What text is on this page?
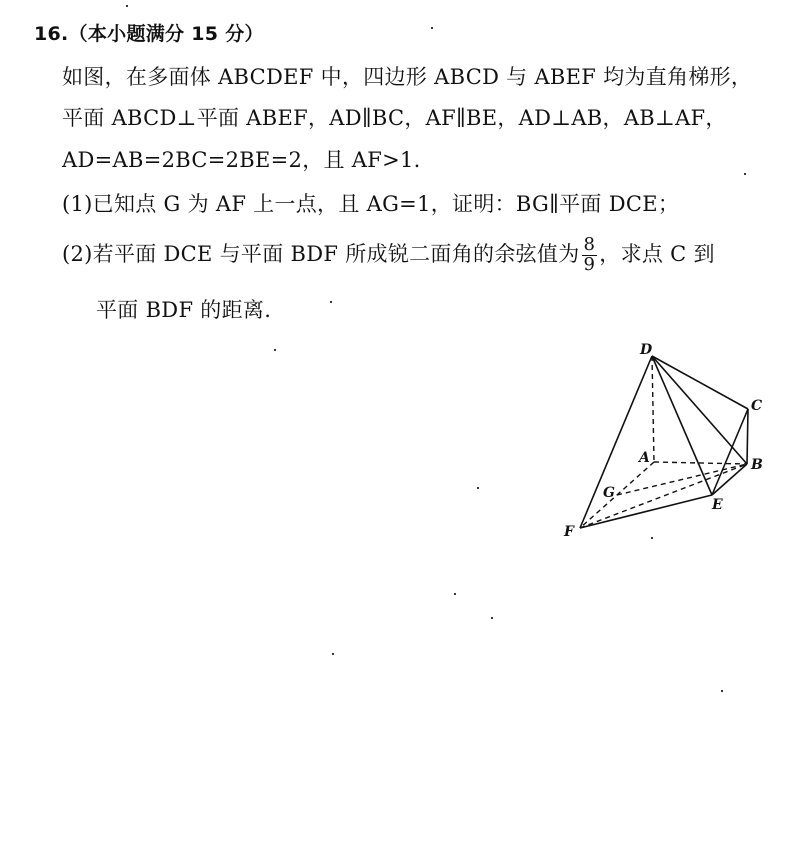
16.（本小题满分 15 分）
如图，在多面体 ABCDEF 中，四边形 ABCD 与 ABEF 均为直角梯形，
平面 ABCD⊥平面 ABEF，AD∥BC，AF∥BE，AD⊥AB，AB⊥AF，
AD=AB=2BC=2BE=2，且 AF>1.
(1)已知点 G 为 AF 上一点，且 AG=1，证明：BG∥平面 DCE；
(2)若平面 DCE 与平面 BDF 所成锐二面角的余弦值为 $\frac{8}{9}$ ，求点 C 到
平面 BDF 的距离.
D
C
A	B
G
E
F
